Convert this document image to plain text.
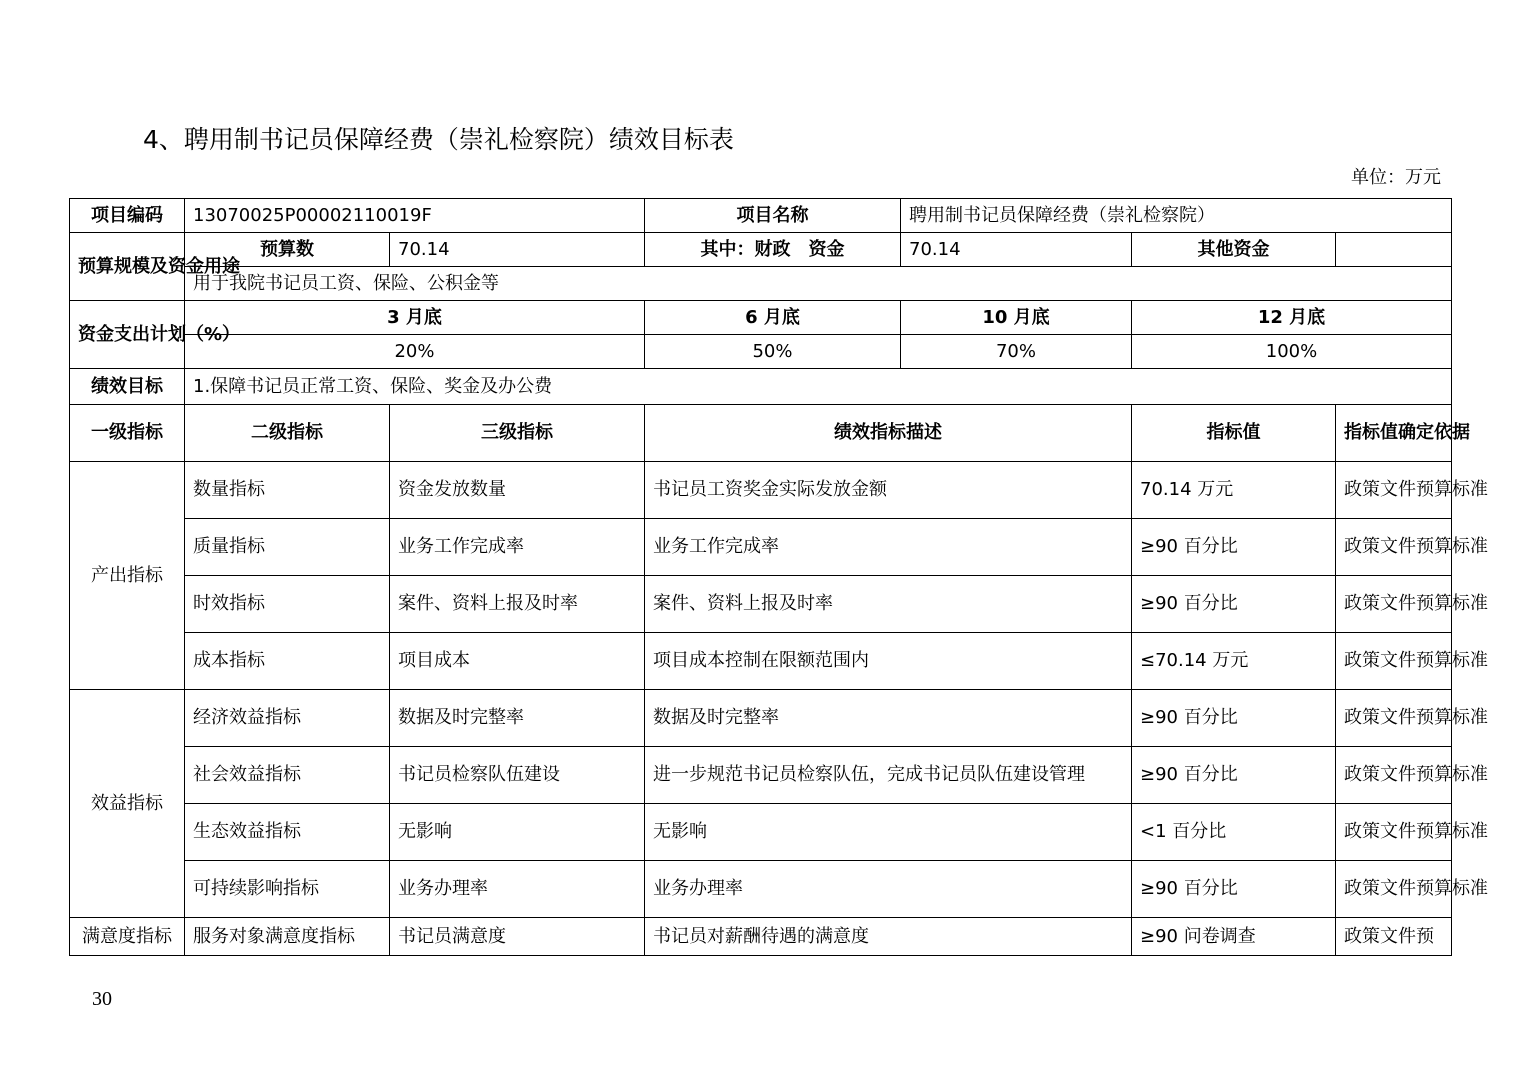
4、聘用制书记员保障经费（崇礼检察院）绩效目标表
单位：万元
项目编码	13070025P00002110019F		项目名称	聘用制书记员保障经费（崇礼检察院）		
预算规模及资金用途	预算数	70.14	其中：财政　资金	70.14	其他资金	
	用于我院书记员工资、保险、公积金等					
资金支出计划（%）	3 月底		6 月底	10 月底	12 月底	
	20%		50%	70%	100%	
绩效目标	1.保障书记员正常工资、保险、奖金及办公费					
一级指标	二级指标	三级指标	绩效指标描述		指标值	指标值确定依据
产出指标	数量指标	资金发放数量	书记员工资奖金实际发放金额		70.14 万元	政策文件预算标准
	质量指标	业务工作完成率	业务工作完成率		≥90 百分比	政策文件预算标准
	时效指标	案件、资料上报及时率	案件、资料上报及时率		≥90 百分比	政策文件预算标准
	成本指标	项目成本	项目成本控制在限额范围内		≤70.14 万元	政策文件预算标准
效益指标	经济效益指标	数据及时完整率	数据及时完整率		≥90 百分比	政策文件预算标准
	社会效益指标	书记员检察队伍建设	进一步规范书记员检察队伍，完成书记员队伍建设管理		≥90 百分比	政策文件预算标准
	生态效益指标	无影响	无影响		<1 百分比	政策文件预算标准
	可持续影响指标	业务办理率	业务办理率		≥90 百分比	政策文件预算标准
满意度指标	服务对象满意度指标	书记员满意度	书记员对薪酬待遇的满意度		≥90 问卷调查	政策文件预
30
